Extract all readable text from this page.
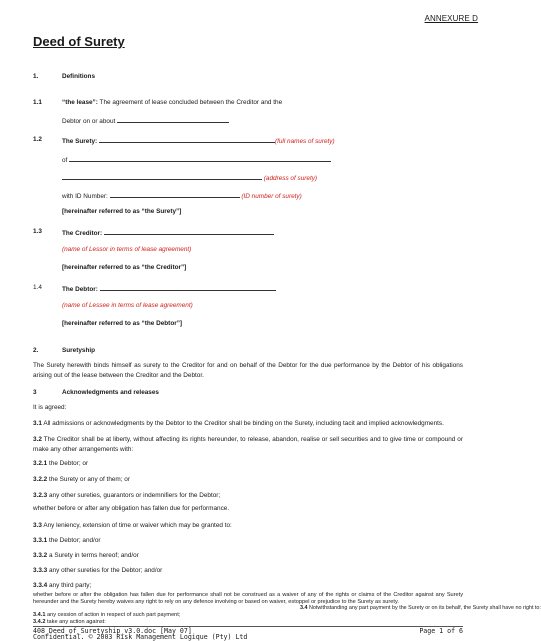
ANNEXURE D
Deed of Surety
1.	Definitions
1.1	“the lease”: The agreement of lease concluded between the Creditor and the
Debtor on or about
1.2	The Surety:	(full names of surety)
of
(address of surety)
with ID Number:	(ID number of surety)
[hereinafter referred to as “the Surety”]
1.3	The Creditor:
(name of Lessor in terms of lease agreement)
[hereinafter referred to as “the Creditor”]
1.4	The Debtor:
(name of Lessee in terms of lease agreement)
[hereinafter referred to as “the Debtor”]
2.	Suretyship
The Surety herewith binds himself as surety to the Creditor for and on behalf of the Debtor for the due performance by the Debtor of his obligations arising out of the lease between the Creditor and the Debtor.
3	Acknowledgments and releases
It is agreed:
3.1 All admissions or acknowledgments by the Debtor to the Creditor shall be binding on the Surety, including tacit and implied acknowledgments.
3.2 The Creditor shall be at liberty, without affecting its rights hereunder, to release, abandon, realise or sell securities and to give time or compound or make any other arrangements with:
3.2.1 the Debtor; or
3.2.2 the Surety or any of them; or
3.2.3 any other sureties, guarantors or indemnifiers for the Debtor;
whether before or after any obligation has fallen due for performance.
3.3 Any leniency, extension of time or waiver which may be granted to:
3.3.1 the Debtor; and/or
3.3.2 a Surety in terms hereof; and/or
3.3.3 any other sureties for the Debtor; and/or
3.3.4 any third party;
whether before or after the obligation has fallen due for performance shall not be construed as a waiver of any of the rights or claims of the Creditor against any Surety hereunder and the Surety hereby waives any right to rely on any defence involving or based on waiver, estoppel or prejudice to the Surety as surety.
3.4 Notwithstanding any part payment by the Surety or on its behalf, the Surety shall have no right to:
3.4.1 any cession of action in respect of such part payment;
3.4.2 take any action against:
408_Deed_of_Suretyship_v3.0.doc [May 07]	Page 1 of 6
Confidential. © 2003 Risk Management Logique (Pty) Ltd
